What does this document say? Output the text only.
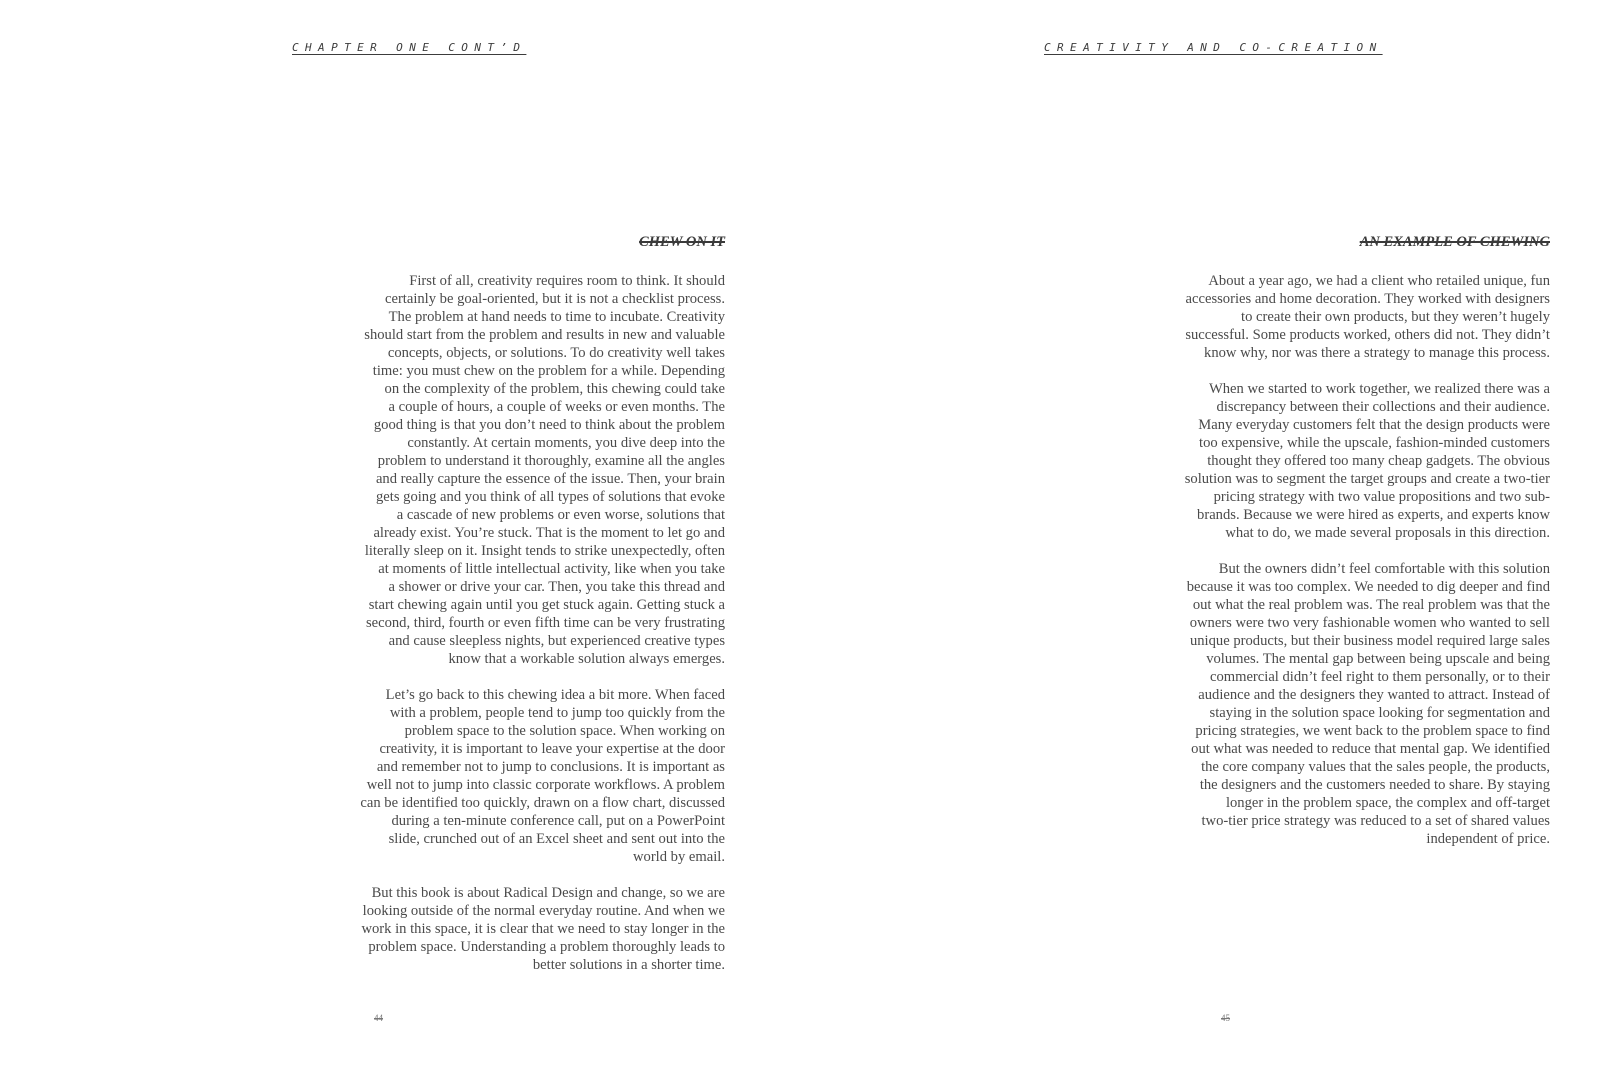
CHAPTER ONE CONT’D
CHEW ON IT
First of all, creativity requires room to think. It should
certainly be goal-oriented, but it is not a checklist process.
The problem at hand needs to time to incubate. Creativity
should start from the problem and results in new and valuable
concepts, objects, or solutions. To do creativity well takes
time: you must chew on the problem for a while. Depending
on the complexity of the problem, this chewing could take
a couple of hours, a couple of weeks or even months. The
good thing is that you don’t need to think about the problem
constantly. At certain moments, you dive deep into the
problem to understand it thoroughly, examine all the angles
and really capture the essence of the issue. Then, your brain
gets going and you think of all types of solutions that evoke
a cascade of new problems or even worse, solutions that
already exist. You’re stuck. That is the moment to let go and
literally sleep on it. Insight tends to strike unexpectedly, often
at moments of little intellectual activity, like when you take
a shower or drive your car. Then, you take this thread and
start chewing again until you get stuck again. Getting stuck a
second, third, fourth or even fifth time can be very frustrating
and cause sleepless nights, but experienced creative types
know that a workable solution always emerges.
Let’s go back to this chewing idea a bit more. When faced
with a problem, people tend to jump too quickly from the
problem space to the solution space. When working on
creativity, it is important to leave your expertise at the door
and remember not to jump to conclusions. It is important as
well not to jump into classic corporate workflows. A problem
can be identified too quickly, drawn on a flow chart, discussed
during a ten-minute conference call, put on a PowerPoint
slide, crunched out of an Excel sheet and sent out into the
world by email.
But this book is about Radical Design and change, so we are
looking outside of the normal everyday routine. And when we
work in this space, it is clear that we need to stay longer in the
problem space. Understanding a problem thoroughly leads to
better solutions in a shorter time.
44
CREATIVITY AND CO-CREATION
AN EXAMPLE OF CHEWING
About a year ago, we had a client who retailed unique, fun
accessories and home decoration. They worked with designers
to create their own products, but they weren’t hugely
successful. Some products worked, others did not. They didn’t
know why, nor was there a strategy to manage this process.
When we started to work together, we realized there was a
discrepancy between their collections and their audience.
Many everyday customers felt that the design products were
too expensive, while the upscale, fashion-minded customers
thought they offered too many cheap gadgets. The obvious
solution was to segment the target groups and create a two-tier
pricing strategy with two value propositions and two sub-
brands. Because we were hired as experts, and experts know
what to do, we made several proposals in this direction.
But the owners didn’t feel comfortable with this solution
because it was too complex. We needed to dig deeper and find
out what the real problem was. The real problem was that the
owners were two very fashionable women who wanted to sell
unique products, but their business model required large sales
volumes. The mental gap between being upscale and being
commercial didn’t feel right to them personally, or to their
audience and the designers they wanted to attract. Instead of
staying in the solution space looking for segmentation and
pricing strategies, we went back to the problem space to find
out what was needed to reduce that mental gap. We identified
the core company values that the sales people, the products,
the designers and the customers needed to share. By staying
longer in the problem space, the complex and off-target
two-tier price strategy was reduced to a set of shared values
independent of price.
45
